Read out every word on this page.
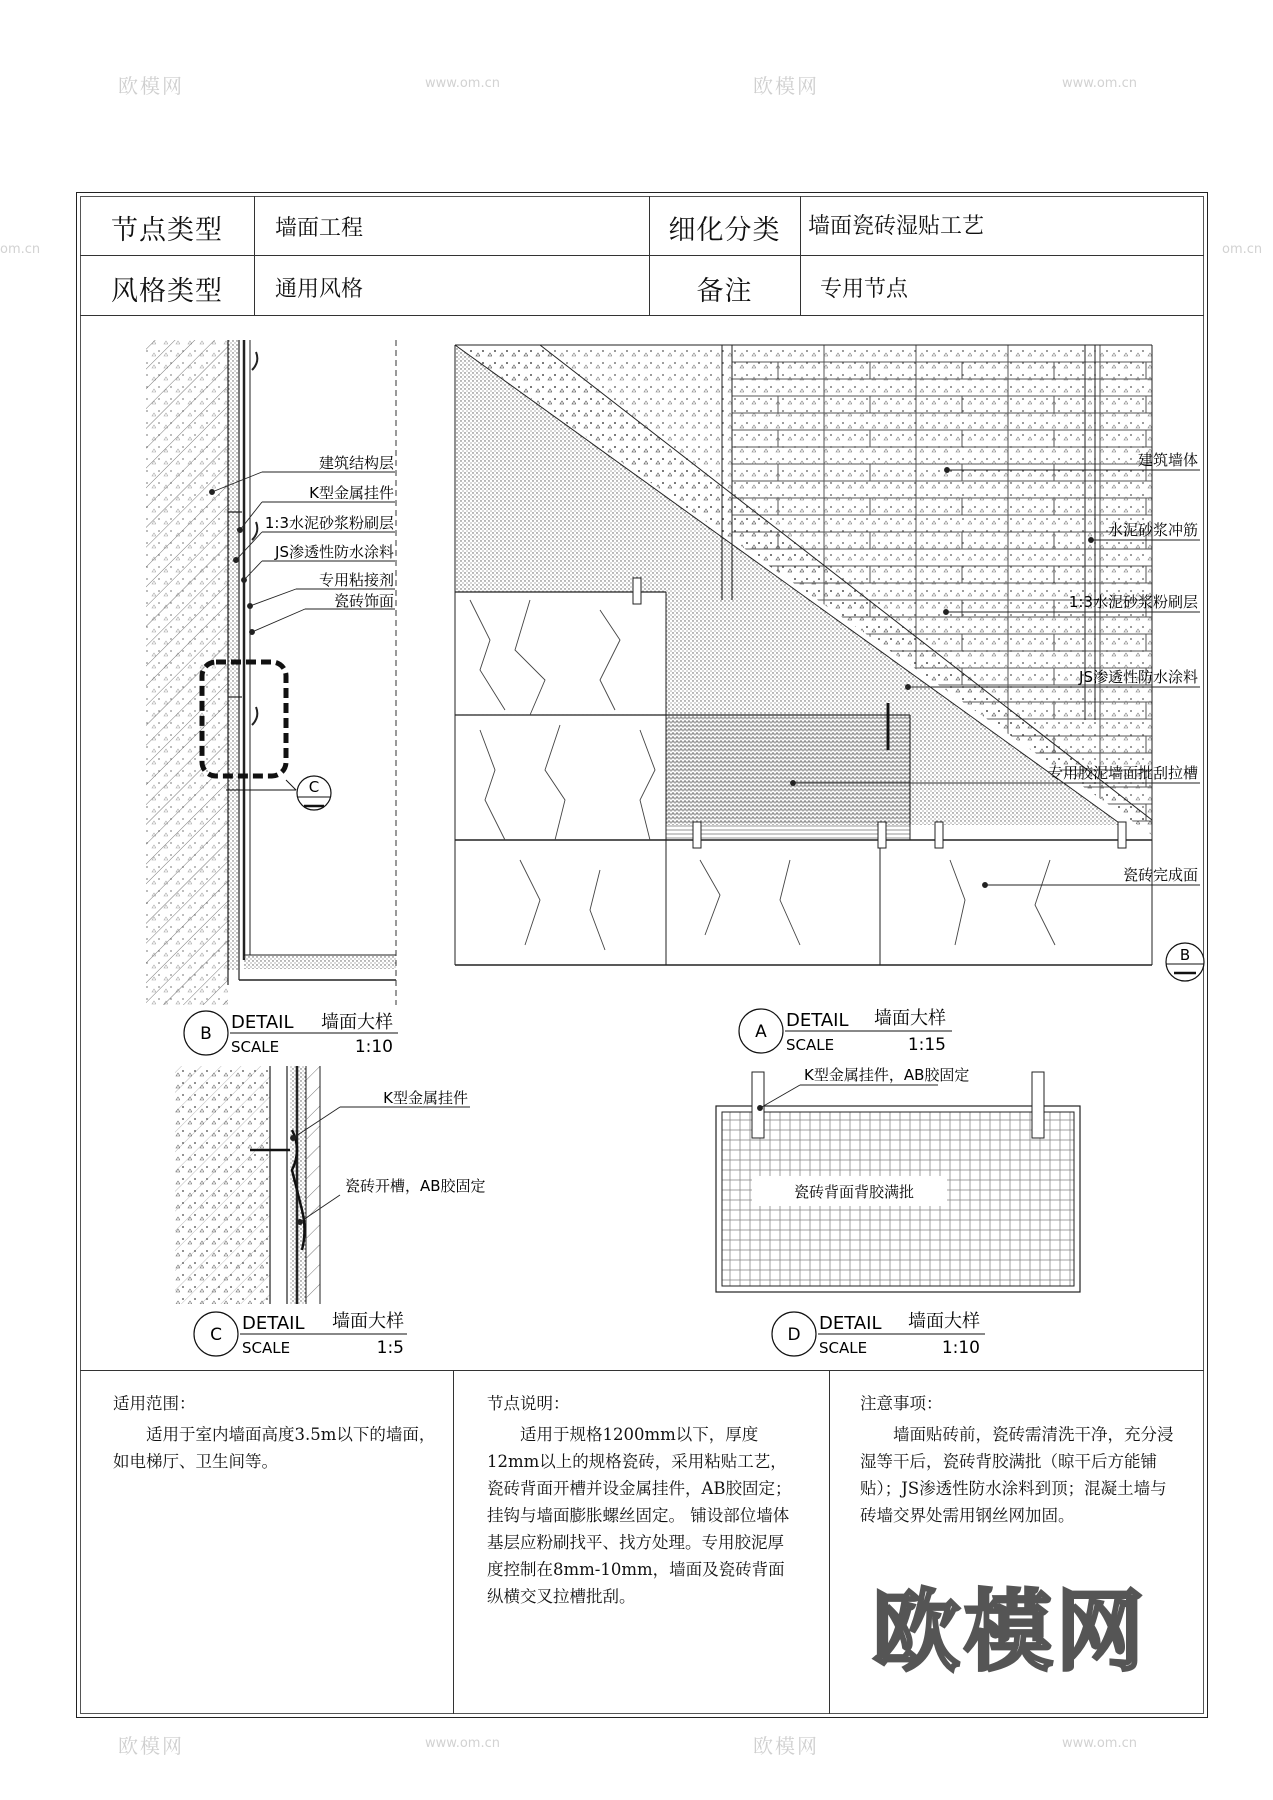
欧模网	www.om.cn	欧模网	www.om.cn
om.cn	om.cn
欧模网	www.om.cn	欧模网	www.om.cn
节点类型	墙面工程	细化分类	墙面瓷砖湿贴工艺
风格类型	通用风格	备注	专用节点
建筑结构层
K型金属挂件
1:3水泥砂浆粉刷层
JS渗透性防水涂料
专用粘接剂
瓷砖饰面
C
B
DETAIL
SCALE
墙面大样
1:10
建筑墙体
水泥砂浆冲筋
1:3水泥砂浆粉刷层
JS渗透性防水涂料
专用胶泥墙面批刮拉槽
瓷砖完成面
B
A
DETAIL
SCALE
墙面大样
1:15
K型金属挂件
瓷砖开槽，AB胶固定
C
DETAIL
SCALE
墙面大样
1:5
K型金属挂件，AB胶固定
瓷砖背面背胶满批
D
DETAIL
SCALE
墙面大样
1:10
适用范围：
适用于室内墙面高度3.5m以下的墙面，如电梯厅、卫生间等。
节点说明：
适用于规格1200mm以下，厚度12mm以上的规格瓷砖，采用粘贴工艺，瓷砖背面开槽并设金属挂件，AB胶固定；挂钩与墙面膨胀螺丝固定。 铺设部位墙体基层应粉刷找平、找方处理。专用胶泥厚度控制在8mm-10mm，墙面及瓷砖背面纵横交叉拉槽批刮。
注意事项：
墙面贴砖前，瓷砖需清洗干净，充分浸湿等干后，瓷砖背胶满批（晾干后方能铺贴）；JS渗透性防水涂料到顶；混凝土墙与砖墙交界处需用钢丝网加固。
欧模网
